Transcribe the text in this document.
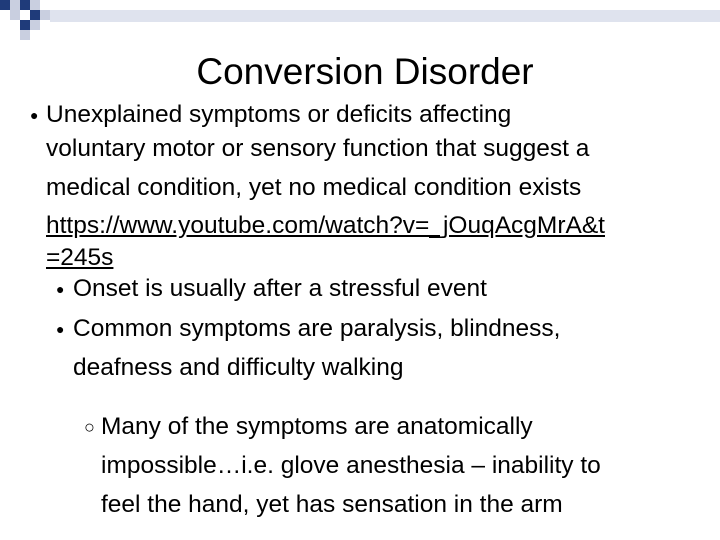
Conversion Disorder
● Unexplained symptoms or deficits affecting
voluntary motor or sensory function that suggest a
medical condition, yet no medical condition exists
https://www.youtube.com/watch?v=_jOuqAcgMrA&t
=245s
● Onset is usually after a stressful event
● Common symptoms are paralysis, blindness,
deafness and difficulty walking
○ Many of the symptoms are anatomically
impossible…i.e. glove anesthesia – inability to
feel the hand, yet has sensation in the arm
